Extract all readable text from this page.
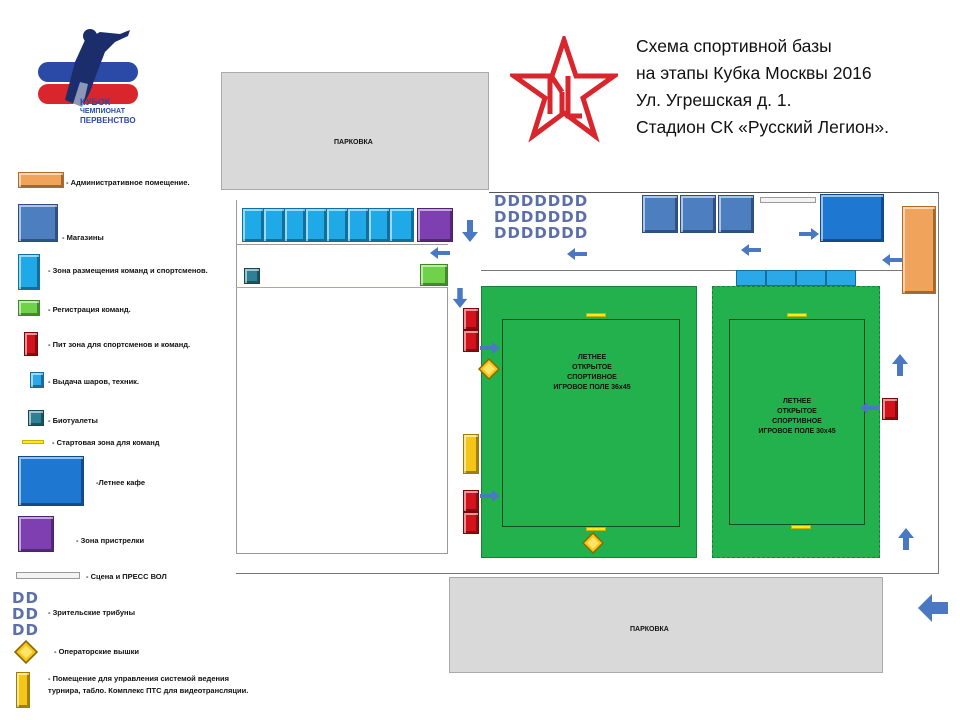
КУБОК
ЧЕМПИОНАТ
ПЕРВЕНСТВО
Схема спортивной базы
на этапы Кубка Москвы 2016
Ул. Угрешская д. 1.
Стадион СК «Русский Легион».
ПАРКОВКА
DDDDDDD
DDDDDDD
DDDDDDD
ЛЕТНЕЕ
ОТКРЫТОЕ
СПОРТИВНОЕ
ИГРОВОЕ ПОЛЕ 36х45
ЛЕТНЕЕ
ОТКРЫТОЕ
СПОРТИВНОЕ
ИГРОВОЕ ПОЛЕ 30х45
ПАРКОВКА
- Административное помещение.
- Магазины
- Зона размещения команд и спортсменов.
- Регистрация команд.
- Пит зона для спортсменов и команд.
- Выдача шаров, техник.
- Биотуалеты
- Стартовая зона для команд
-Летнее кафе
- Зона пристрелки
- Сцена и ПРЕСС ВОЛ
DD
DD
DD
- Зрительские трибуны
- Операторские вышки
- Помещение для управления системой ведения
турнира, табло. Комплекс ПТС для видеотрансляции.
